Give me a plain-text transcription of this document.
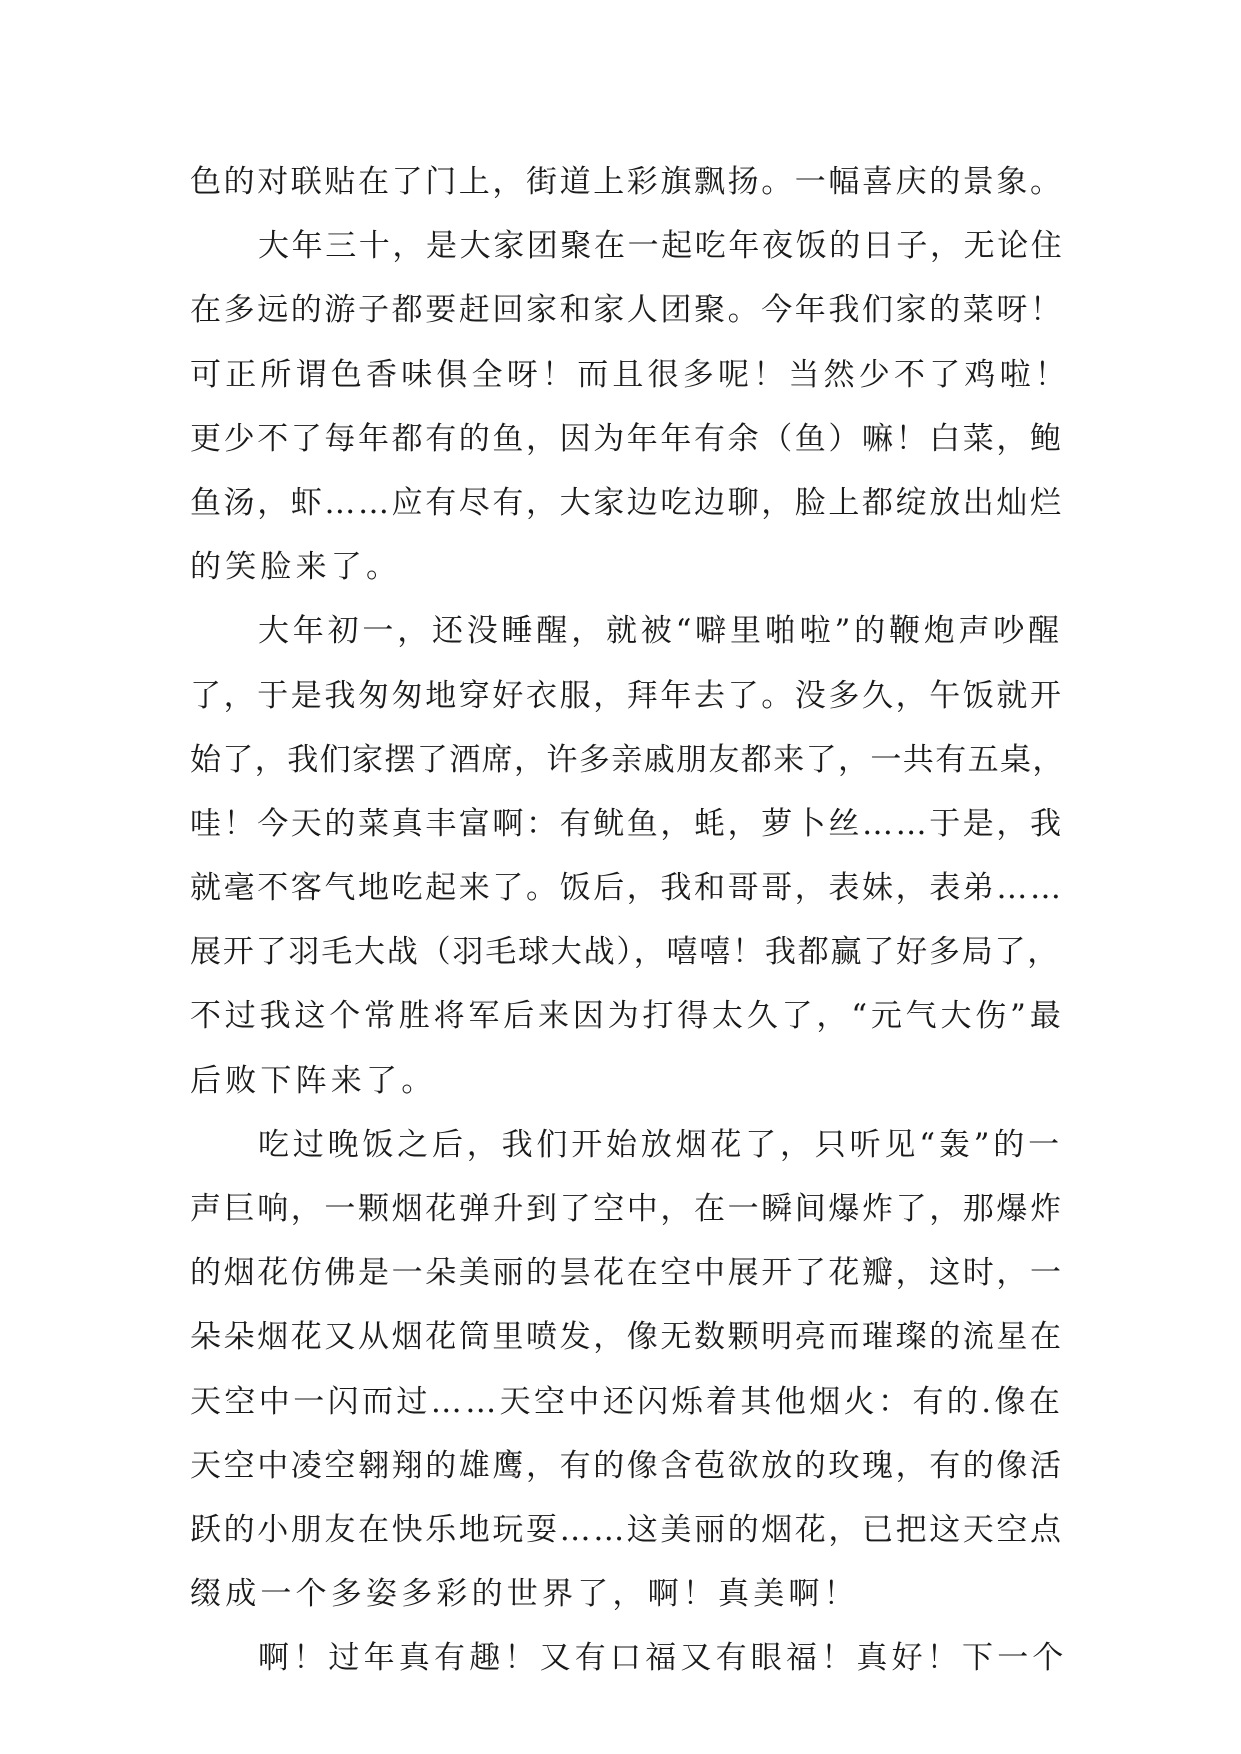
色的对联贴在了门上，街道上彩旗飘扬。一幅喜庆的景象。
大年三十，是大家团聚在一起吃年夜饭的日子，无论住
在多远的游子都要赶回家和家人团聚。今年我们家的菜呀！
可正所谓色香味俱全呀！而且很多呢！当然少不了鸡啦！
更少不了每年都有的鱼，因为年年有余（鱼）嘛！白菜，鲍
鱼汤，虾……应有尽有，大家边吃边聊，脸上都绽放出灿烂
的笑脸来了。
大年初一，还没睡醒，就被“噼里啪啦”的鞭炮声吵醒
了，于是我匆匆地穿好衣服，拜年去了。没多久，午饭就开
始了，我们家摆了酒席，许多亲戚朋友都来了，一共有五桌，
哇！今天的菜真丰富啊：有鱿鱼，蚝，萝卜丝……于是，我
就毫不客气地吃起来了。饭后，我和哥哥，表妹，表弟……
展开了羽毛大战（羽毛球大战），嘻嘻！我都赢了好多局了，
不过我这个常胜将军后来因为打得太久了，“元气大伤”最
后败下阵来了。
吃过晚饭之后，我们开始放烟花了，只听见“轰”的一
声巨响，一颗烟花弹升到了空中，在一瞬间爆炸了，那爆炸
的烟花仿佛是一朵美丽的昙花在空中展开了花瓣，这时，一
朵朵烟花又从烟花筒里喷发，像无数颗明亮而璀璨的流星在
天空中一闪而过……天空中还闪烁着其他烟火：有的.像在
天空中凌空翱翔的雄鹰，有的像含苞欲放的玫瑰，有的像活
跃的小朋友在快乐地玩耍……这美丽的烟花，已把这天空点
缀成一个多姿多彩的世界了，啊！真美啊！
啊！过年真有趣！又有口福又有眼福！真好！下一个
